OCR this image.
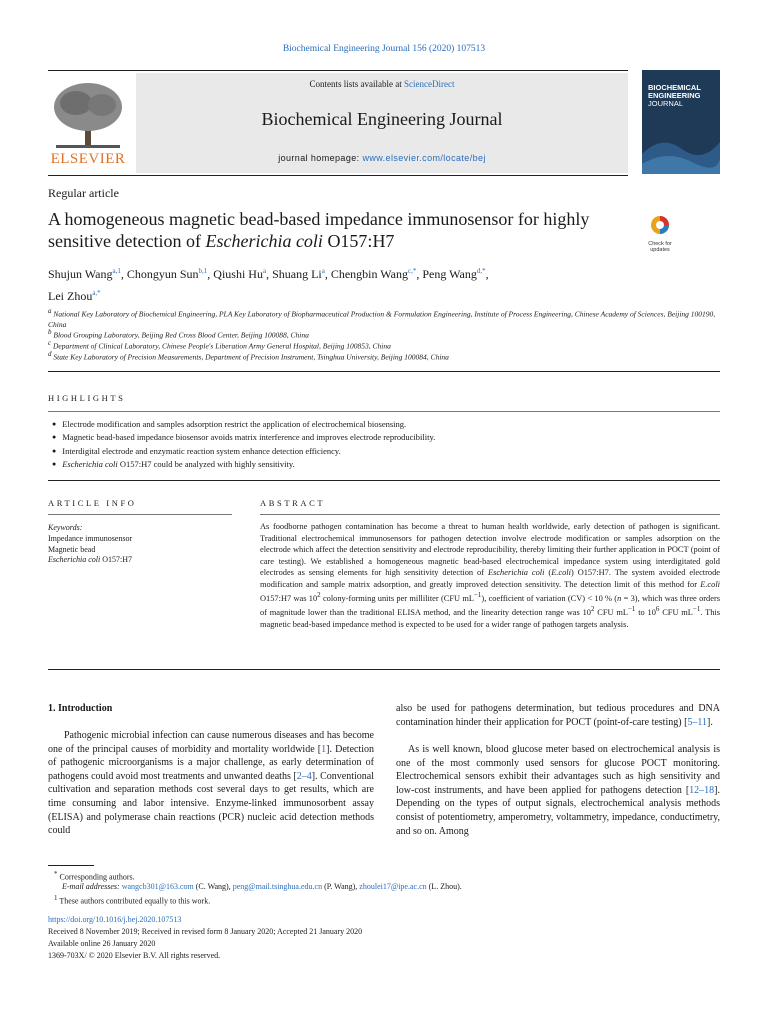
Biochemical Engineering Journal 156 (2020) 107513
ELSEVIER
Contents lists available at ScienceDirect
Biochemical Engineering Journal
journal homepage: www.elsevier.com/locate/bej
BIOCHEMICAL
ENGINEERING
JOURNAL
Regular article
A homogeneous magnetic bead-based impedance immunosensor for highly sensitive detection of Escherichia coli O157:H7	Check for
updates
Shujun Wang$^{a,1}$, Chongyun Sun$^{b,1}$, Qiushi Hu$^a$, Shuang Li$^a$, Chengbin Wang$^{c,*}$, Peng Wang$^{d,*}$,
Lei Zhou$^{a,*}$
$^a$ National Key Laboratory of Biochemical Engineering, PLA Key Laboratory of Biopharmaceutical Production & Formulation Engineering, Institute of Process Engineering, Chinese Academy of Sciences, Beijing 100190, China
$^b$ Blood Grouping Laboratory, Beijing Red Cross Blood Center, Beijing 100088, China
$^c$ Department of Clinical Laboratory, Chinese People's Liberation Army General Hospital, Beijing 100853, China
$^d$ State Key Laboratory of Precision Measurements, Department of Precision Instrument, Tsinghua University, Beijing 100084, China
HIGHLIGHTS
● Electrode modification and samples adsorption restrict the application of electrochemical biosensing.
● Magnetic bead-based impedance biosensor avoids matrix interference and improves electrode reproducibility.
● Interdigital electrode and enzymatic reaction system enhance detection efficiency.
● Escherichia coli O157:H7 could be analyzed with highly sensitivity.
ARTICLE INFO	ABSTRACT
Keywords:
Impedance immunosensor
Magnetic bead
Escherichia coli O157:H7
As foodborne pathogen contamination has become a threat to human health worldwide, early detection of pathogen is significant. Traditional electrochemical immunosensors for pathogen detection involve electrode modification or samples adsorption on the electrode which affect the detection sensitivity and electrode reproducibility, thereby limiting their further application in POCT (point of care testing). We established a homogeneous magnetic bead-based electrochemical impedance system using interdigitated gold electrodes as sensing elements for high sensitivity detection of Escherichia coli (E.coli) O157:H7. The system avoided electrode modification and sample matrix adsorption, and greatly improved detection sensitivity. The detection limit of this method for E.coli O157:H7 was $10^2$ colony-forming units per milliliter (CFU $mL^{-1}$), coefficient of variation (CV) < 10 % (n = 3), which was three orders of magnitude lower than the traditional ELISA method, and the linearity detection range was $10^2$ CFU $mL^{-1}$ to $10^6$ CFU $mL^{-1}$. This magnetic bead-based impedance method is expected to be used for a wider range of pathogen targets analysis.
1. Introduction
Pathogenic microbial infection can cause numerous diseases and has become one of the principal causes of morbidity and mortality worldwide [1]. Detection of pathogenic microorganisms is a major challenge, as early determination of pathogens could avoid most treatments and unwanted deaths [2–4]. Conventional cultivation and separation methods cost several days to get results, which are time consuming and labor intensive. Enzyme-linked immunosorbent assay (ELISA) and polymerase chain reactions (PCR) nucleic acid detection methods could
also be used for pathogens determination, but tedious procedures and DNA contamination hinder their application for POCT (point-of-care testing) [5–11].
As is well known, blood glucose meter based on electrochemical analysis is one of the most commonly used sensors for glucose POCT monitoring. Electrochemical sensors exhibit their advantages such as high sensitivity and low-cost instruments, and have been applied for pathogens detection [12–18]. Depending on the types of output signals, electrochemical analysis methods consist of potentiometry, amperometry, voltammetry, impedance, conductimetry, and so on. Among
* Corresponding authors.
E-mail addresses: wangcb301@163.com (C. Wang), peng@mail.tsinghua.edu.cn (P. Wang), zhoulei17@ipe.ac.cn (L. Zhou).
$^1$ These authors contributed equally to this work.
https://doi.org/10.1016/j.bej.2020.107513
Received 8 November 2019; Received in revised form 8 January 2020; Accepted 21 January 2020
Available online 26 January 2020
1369-703X/ © 2020 Elsevier B.V. All rights reserved.
